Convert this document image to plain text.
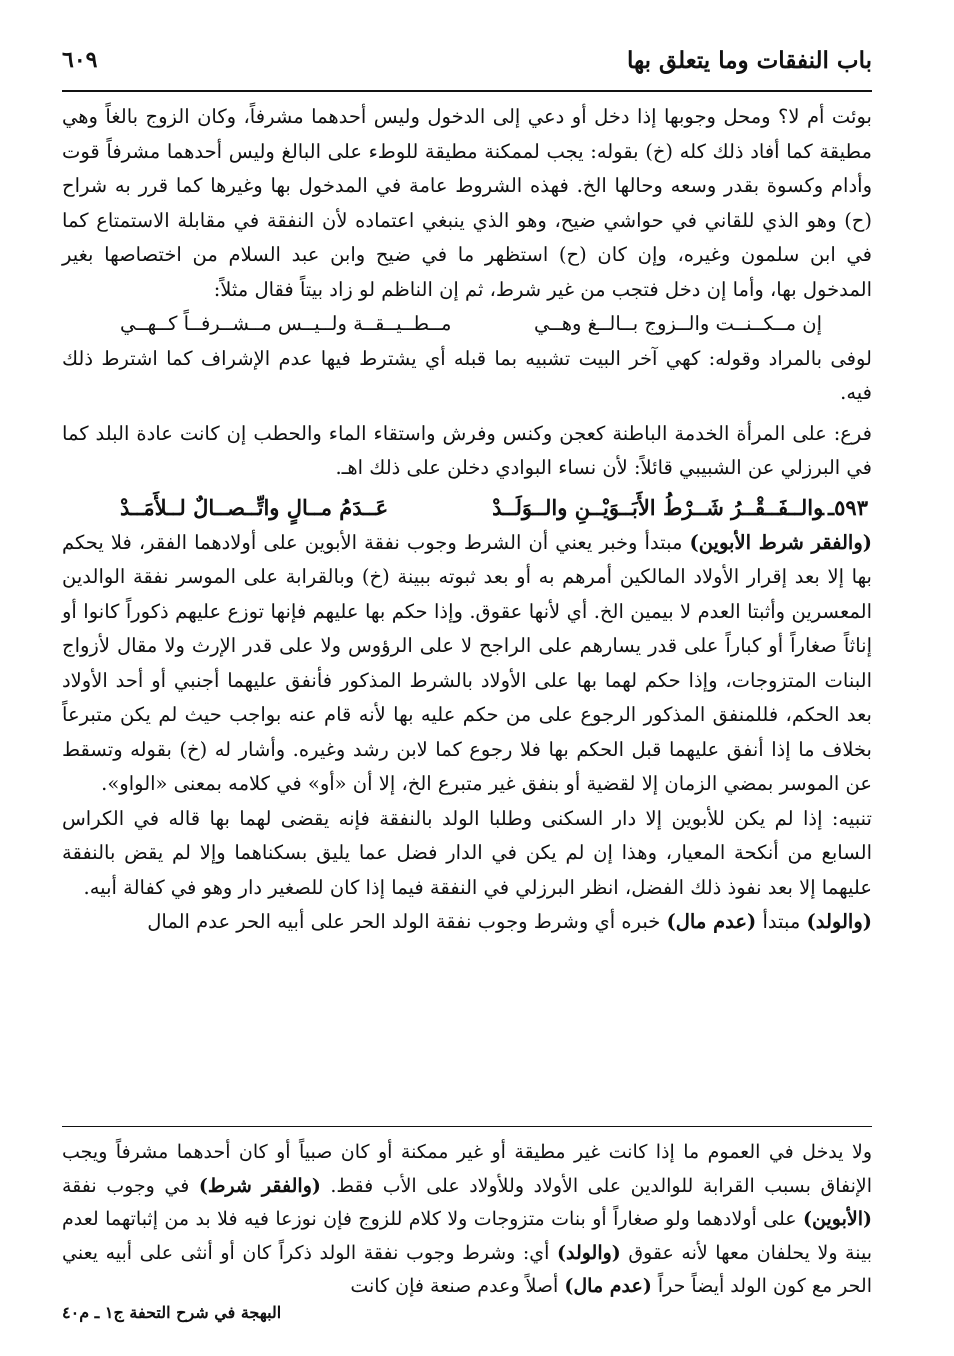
باب النفقات وما يتعلق بها
٦٠٩

بوئت أم لا؟ ومحل وجوبها إذا دخل أو دعي إلى الدخول وليس أحدهما مشرفاً، وكان الزوج بالغاً وهي مطيقة كما أفاد ذلك كله (خ) بقوله: يجب لممكنة مطيقة للوطء على البالغ وليس أحدهما مشرفاً قوت وأدام وكسوة بقدر وسعه وحالها الخ. فهذه الشروط عامة في المدخول بها وغيرها كما قرر به شراح (ح) وهو الذي للقاني في حواشي ضيح، وهو الذي ينبغي اعتماده لأن النفقة في مقابلة الاستمتاع كما في ابن سلمون وغيره، وإن كان (ح) استظهر ما في ضيح وابن عبد السلام من اختصاصها بغير المدخول بها، وأما إن دخل فتجب من غير شرط، ثم إن الناظم لو زاد بيتاً فقال مثلاً:

إن مــكــنــت والــزوج بــالــغ وهــي
مــطــيــقــة ولــيــس مــشــرفــاً كــهــي

لوفى بالمراد وقوله: كهي آخر البيت تشبيه بما قبله أي يشترط فيها عدم الإشراف كما اشترط ذلك فيه.

فرع: على المرأة الخدمة الباطنة كعجن وكنس وفرش واستقاء الماء والحطب إن كانت عادة البلد كما في البرزلي عن الشبيبي قائلاً: لأن نساء البوادي دخلن على ذلك اهـ.

٥٩٣ـوالــفَــقْــرُ شَــرْطُ الأَبَــوَيْــنِ والــوَلَــدْ
عَــدَمُ مــالٍ واتِّــصــالٌ لــلأَمَــدْ

(والفقر شرط الأبوين) مبتدأ وخبر يعني أن الشرط وجوب نفقة الأبوين على أولادهما الفقر، فلا يحكم بها إلا بعد إقرار الأولاد المالكين أمرهم به أو بعد ثبوته ببينة (خ) وبالقرابة على الموسر نفقة الوالدين المعسرين وأثبتا العدم لا بيمين الخ. أي لأنها عقوق. وإذا حكم بها عليهم فإنها توزع عليهم ذكوراً كانوا أو إناثاً صغاراً أو كباراً على قدر يسارهم على الراجح لا على الرؤوس ولا على قدر الإرث ولا مقال لأزواج البنات المتزوجات، وإذا حكم لهما بها على الأولاد بالشرط المذكور فأنفق عليهما أجنبي أو أحد الأولاد بعد الحكم، فللمنفق المذكور الرجوع على من حكم عليه بها لأنه قام عنه بواجب حيث لم يكن متبرعاً بخلاف ما إذا أنفق عليهما قبل الحكم بها فلا رجوع كما لابن رشد وغيره. وأشار له (خ) بقوله وتسقط عن الموسر بمضي الزمان إلا لقضية أو بنفق غير متبرع الخ، إلا أن «أو» في كلامه بمعنى «الواو».

تنبيه: إذا لم يكن للأبوين إلا دار السكنى وطلبا الولد بالنفقة فإنه يقضى لهما بها قاله في الكراس السابع من أنكحة المعيار، وهذا إن لم يكن في الدار فضل عما يليق بسكناهما وإلا لم يقض بالنفقة عليهما إلا بعد نفوذ ذلك الفضل، انظر البرزلي في النفقة فيما إذا كان للصغير دار وهو في كفالة أبيه.

(والولد) مبتدأ (عدم مال) خبره أي وشرط وجوب نفقة الولد الحر على أبيه الحر عدم المال

ولا يدخل في العموم ما إذا كانت غير مطيقة أو غير ممكنة أو كان صبياً أو كان أحدهما مشرفاً ويجب الإنفاق بسبب القرابة للوالدين على الأولاد وللأولاد على الأب فقط. (والفقر شرط) في وجوب نفقة (الأبوين) على أولادهما ولو صغاراً أو بنات متزوجات ولا كلام للزوج فإن نوزعا فيه فلا بد من إثباتهما لعدم بينة ولا يحلفان معها لأنه عقوق (والولد) أي: وشرط وجوب نفقة الولد ذكراً كان أو أنثى على أبيه يعني الحر مع كون الولد أيضاً حراً (عدم مال) أصلاً وعدم صنعة فإن كانت

البهجة في شرح التحفة ج١ ـ م٤٠
